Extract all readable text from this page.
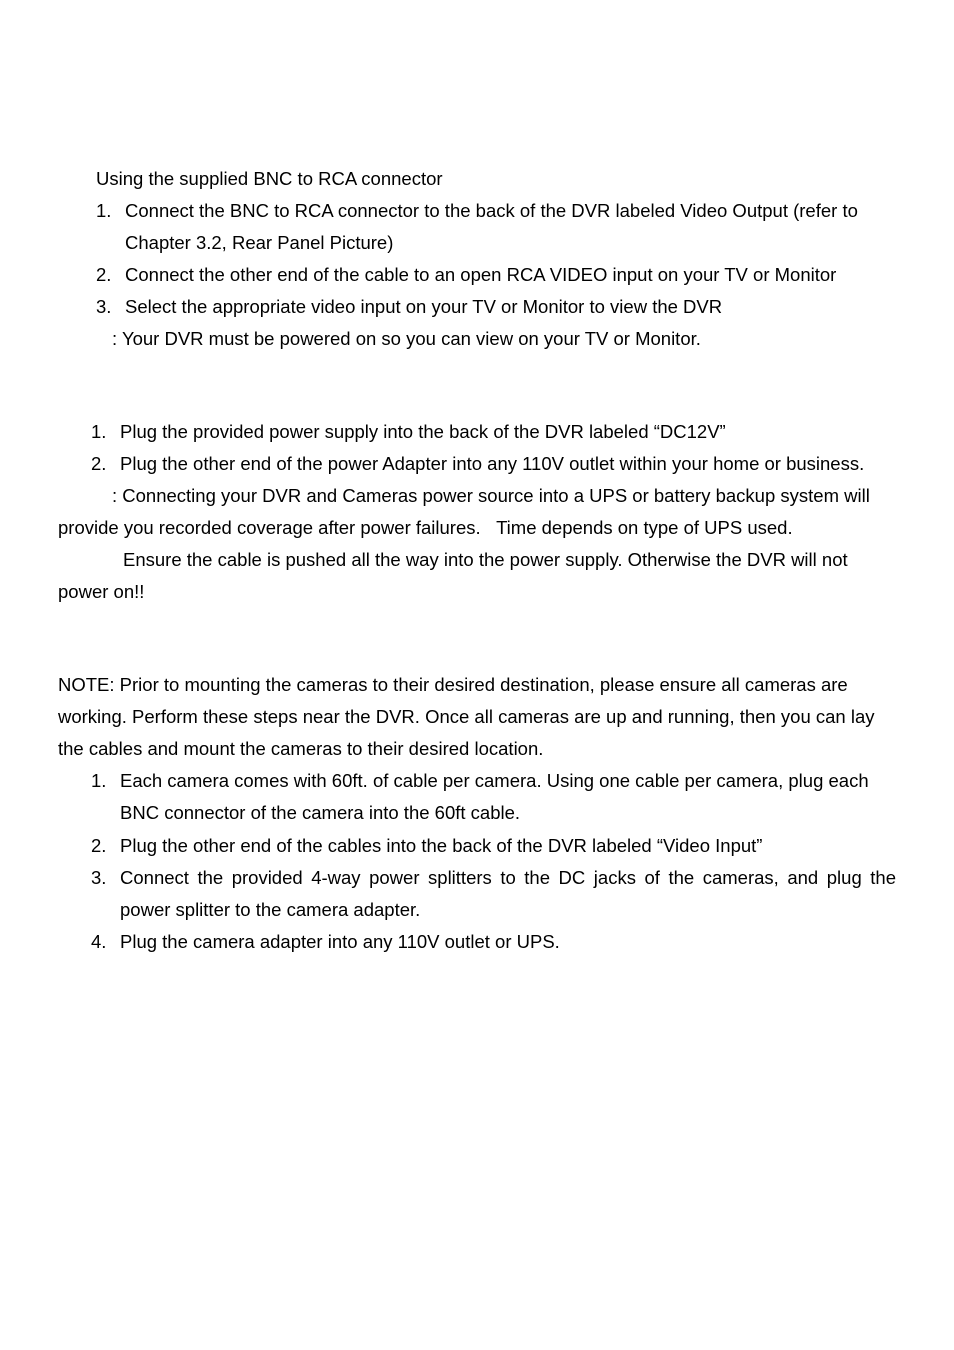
Using the supplied BNC to RCA connector
1. Connect the BNC to RCA connector to the back of the DVR labeled Video Output (refer to
Chapter 3.2, Rear Panel Picture)
2. Connect the other end of the cable to an open RCA VIDEO input on your TV or Monitor
3. Select the appropriate video input on your TV or Monitor to view the DVR
: Your DVR must be powered on so you can view on your TV or Monitor.
1. Plug the provided power supply into the back of the DVR labeled “DC12V”
2. Plug the other end of the power Adapter into any 110V outlet within your home or business.
: Connecting your DVR and Cameras power source into a UPS or battery backup system will
provide you recorded coverage after power failures.   Time depends on type of UPS used.
Ensure the cable is pushed all the way into the power supply. Otherwise the DVR will not
power on!!
NOTE: Prior to mounting the cameras to their desired destination, please ensure all cameras are
working. Perform these steps near the DVR. Once all cameras are up and running, then you can lay
the cables and mount the cameras to their desired location.
1. Each camera comes with 60ft. of cable per camera. Using one cable per camera, plug each
BNC connector of the camera into the 60ft cable.
2. Plug the other end of the cables into the back of the DVR labeled “Video Input”
3. Connect the provided 4-way power splitters to the DC jacks of the cameras, and plug the
power splitter to the camera adapter.
4. Plug the camera adapter into any 110V outlet or UPS.
